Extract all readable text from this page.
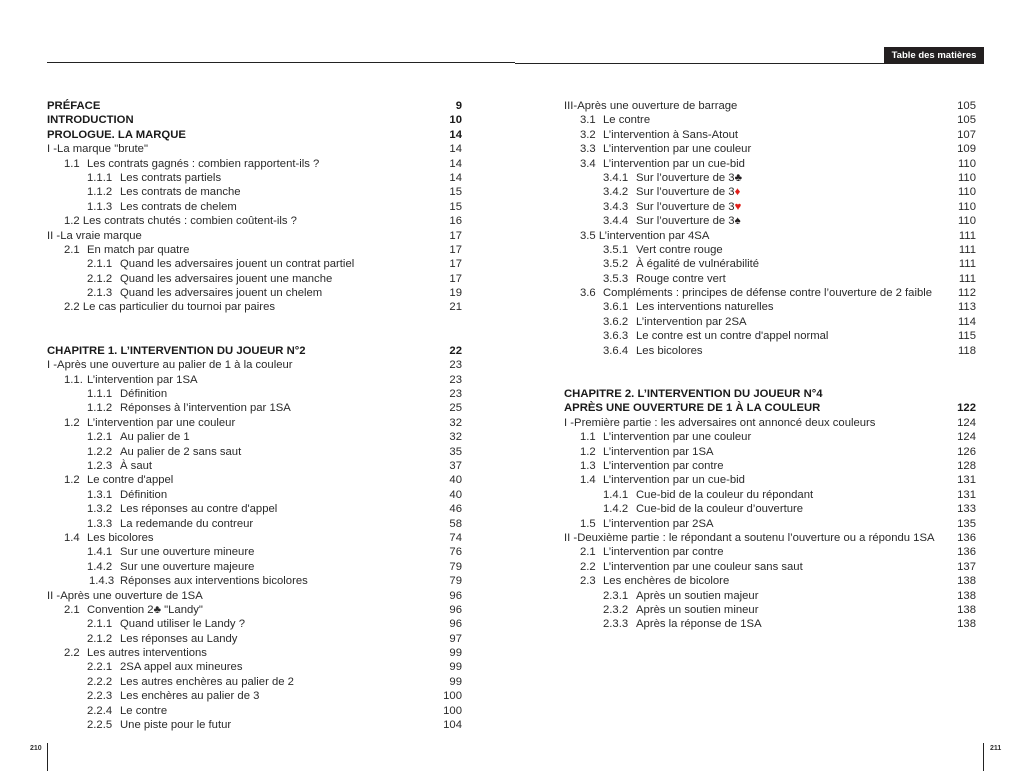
Table des matières
PRÉFACE	9
INTRODUCTION	10
PROLOGUE. LA MARQUE	14
I -La marque "brute"	14
1.1 Les contrats gagnés : combien rapportent-ils ?	14
1.1.1 Les contrats partiels	14
1.1.2 Les contrats de manche	15
1.1.3 Les contrats de chelem	15
1.2 Les contrats chutés : combien coûtent-ils ?	16
II -La vraie marque	17
2.1 En match par quatre	17
2.1.1 Quand les adversaires jouent un contrat partiel	17
2.1.2 Quand les adversaires jouent une manche	17
2.1.3 Quand les adversaires jouent un chelem	19
2.2 Le cas particulier du tournoi par paires	21
CHAPITRE 1. L’INTERVENTION DU JOUEUR N°2	22
I -Après une ouverture au palier de 1 à la couleur	23
1.1. L’intervention par 1SA	23
1.1.1 Définition	23
1.1.2 Réponses à l’intervention par 1SA	25
1.2 L’intervention par une couleur	32
1.2.1 Au palier de 1	32
1.2.2 Au palier de 2 sans saut	35
1.2.3 À saut	37
1.2 Le contre d'appel	40
1.3.1 Définition	40
1.3.2 Les réponses au contre d'appel	46
1.3.3 La redemande du contreur	58
1.4 Les bicolores	74
1.4.1 Sur une ouverture mineure	76
1.4.2 Sur une ouverture majeure	79
1.4.3 Réponses aux interventions bicolores	79
II -Après une ouverture de 1SA	96
2.1 Convention 2♣ "Landy"	96
2.1.1 Quand utiliser le Landy ?	96
2.1.2 Les réponses au Landy	97
2.2 Les autres interventions	99
2.2.1 2SA appel aux mineures	99
2.2.2 Les autres enchères au palier de 2	99
2.2.3 Les enchères au palier de 3	100
2.2.4 Le contre	100
2.2.5 Une piste pour le futur	104
III-Après une ouverture de barrage	105
3.1 Le contre	105
3.2 L’intervention à Sans-Atout	107
3.3 L’intervention par une couleur	109
3.4 L’intervention par un cue-bid	110
3.4.1 Sur l’ouverture de 3♣	110
3.4.2 Sur l’ouverture de 3♦	110
3.4.3 Sur l’ouverture de 3♥	110
3.4.4 Sur l’ouverture de 3♠	110
3.5 L’intervention par 4SA	111
3.5.1 Vert contre rouge	111
3.5.2 À égalité de vulnérabilité	111
3.5.3 Rouge contre vert	111
3.6 Compléments : principes de défense contre l’ouverture de 2 faible 112
3.6.1 Les interventions naturelles	113
3.6.2 L’intervention par 2SA	114
3.6.3 Le contre est un contre d'appel normal	115
3.6.4 Les bicolores	118
CHAPITRE 2. L’INTERVENTION DU JOUEUR N°4
APRÈS UNE OUVERTURE DE 1 À LA COULEUR	122
I -Première partie : les adversaires ont annoncé deux couleurs	124
1.1 L’intervention par une couleur	124
1.2 L’intervention par 1SA	126
1.3 L’intervention par contre	128
1.4 L’intervention par un cue-bid	131
1.4.1 Cue-bid de la couleur du répondant	131
1.4.2 Cue-bid de la couleur d’ouverture	133
1.5 L’intervention par 2SA	135
II -Deuxième partie : le répondant a soutenu l’ouverture ou a répondu 1SA 136
2.1 L’intervention par contre	136
2.2 L’intervention par une couleur sans saut	137
2.3 Les enchères de bicolore	138
2.3.1 Après un soutien majeur	138
2.3.2 Après un soutien mineur	138
2.3.3 Après la réponse de 1SA	138
210	211
